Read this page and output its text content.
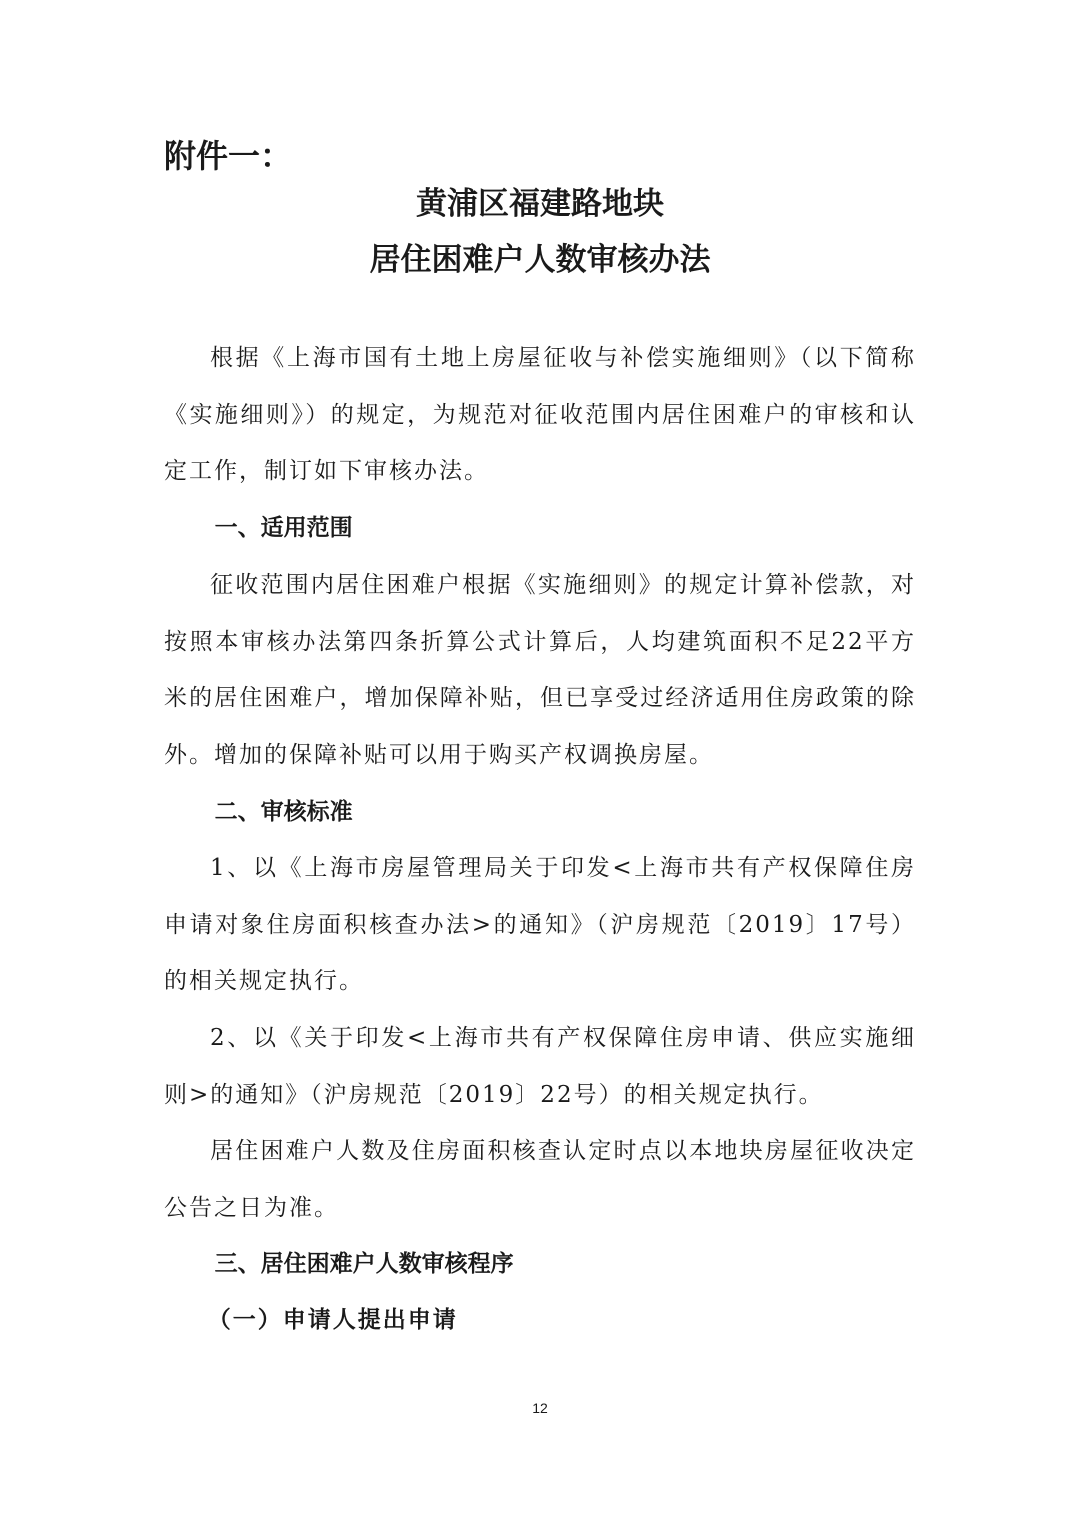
附件一：
黄浦区福建路地块
居住困难户人数审核办法

根据《上海市国有土地上房屋征收与补偿实施细则》（以下简称《实施细则》）的规定，为规范对征收范围内居住困难户的审核和认定工作，制订如下审核办法。

一、适用范围

征收范围内居住困难户根据《实施细则》的规定计算补偿款，对按照本审核办法第四条折算公式计算后，人均建筑面积不足22平方米的居住困难户，增加保障补贴，但已享受过经济适用住房政策的除外。增加的保障补贴可以用于购买产权调换房屋。

二、审核标准

1、以《上海市房屋管理局关于印发<上海市共有产权保障住房申请对象住房面积核查办法>的通知》（沪房规范〔2019〕17号）的相关规定执行。

2、以《关于印发<上海市共有产权保障住房申请、供应实施细则>的通知》（沪房规范〔2019〕22号）的相关规定执行。

居住困难户人数及住房面积核查认定时点以本地块房屋征收决定公告之日为准。

三、居住困难户人数审核程序

（一）申请人提出申请

12
